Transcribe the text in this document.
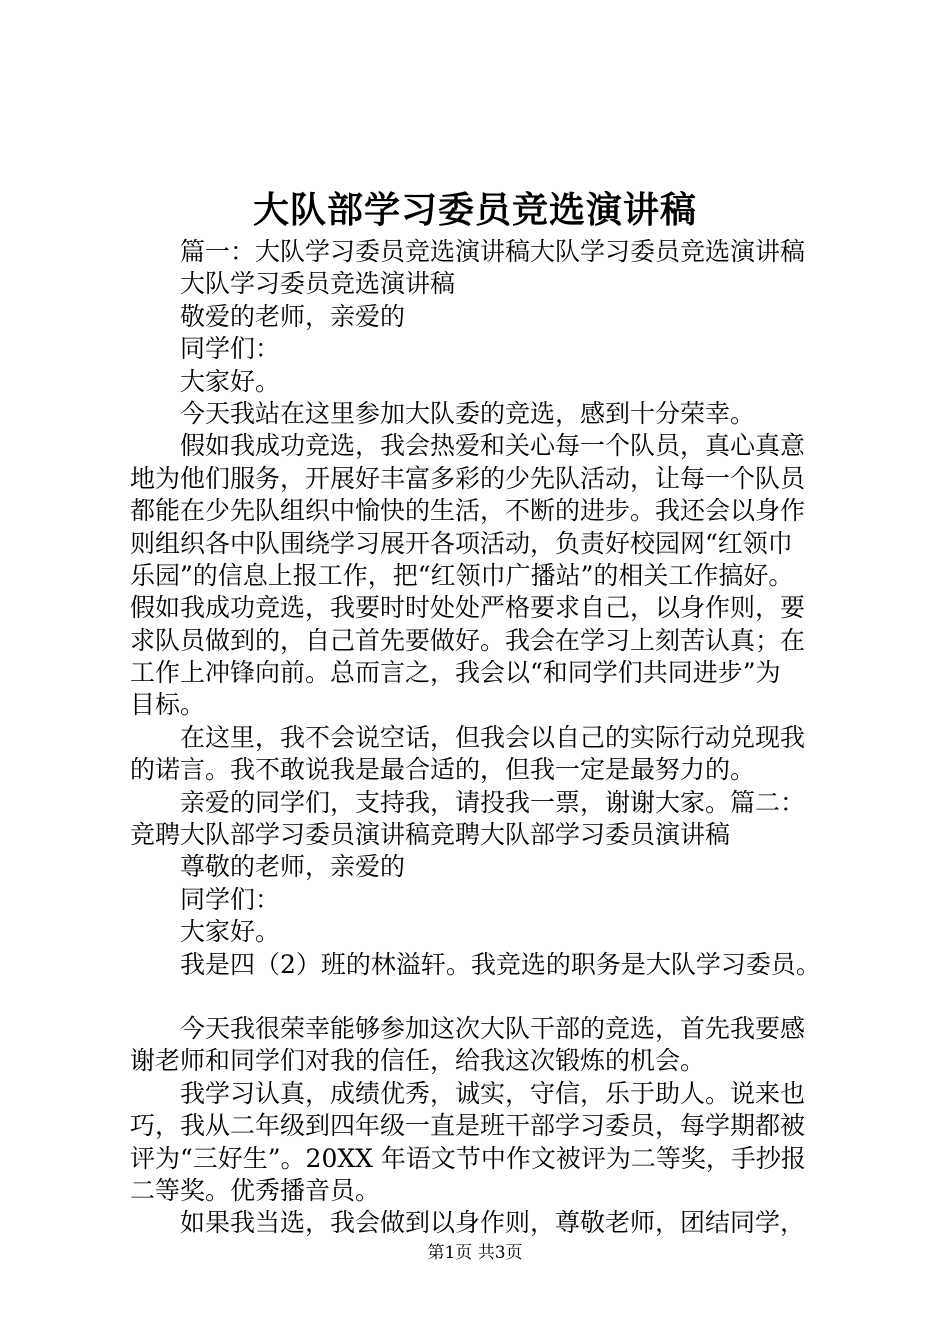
大队部学习委员竞选演讲稿
篇一：大队学习委员竞选演讲稿大队学习委员竞选演讲稿
大队学习委员竞选演讲稿
敬爱的老师，亲爱的
同学们：
大家好。
今天我站在这里参加大队委的竞选，感到十分荣幸。
假如我成功竞选，我会热爱和关心每一个队员，真心真意
地为他们服务，开展好丰富多彩的少先队活动，让每一个队员
都能在少先队组织中愉快的生活，不断的进步。我还会以身作
则组织各中队围绕学习展开各项活动，负责好校园网“红领巾
乐园”的信息上报工作，把“红领巾广播站”的相关工作搞好。
假如我成功竞选，我要时时处处严格要求自己，以身作则，要
求队员做到的，自己首先要做好。我会在学习上刻苦认真；在
工作上冲锋向前。总而言之，我会以“和同学们共同进步”为
目标。
在这里，我不会说空话，但我会以自己的实际行动兑现我
的诺言。我不敢说我是最合适的，但我一定是最努力的。
亲爱的同学们，支持我，请投我一票，谢谢大家。篇二：
竞聘大队部学习委员演讲稿竞聘大队部学习委员演讲稿
尊敬的老师，亲爱的
同学们：
大家好。
我是四（2）班的林溢轩。我竞选的职务是大队学习委员。
今天我很荣幸能够参加这次大队干部的竞选，首先我要感
谢老师和同学们对我的信任，给我这次锻炼的机会。
我学习认真，成绩优秀，诚实，守信，乐于助人。说来也
巧，我从二年级到四年级一直是班干部学习委员，每学期都被
评为“三好生”。20XX 年语文节中作文被评为二等奖，手抄报
二等奖。优秀播音员。
如果我当选，我会做到以身作则，尊敬老师，团结同学，
第1页 共3页
